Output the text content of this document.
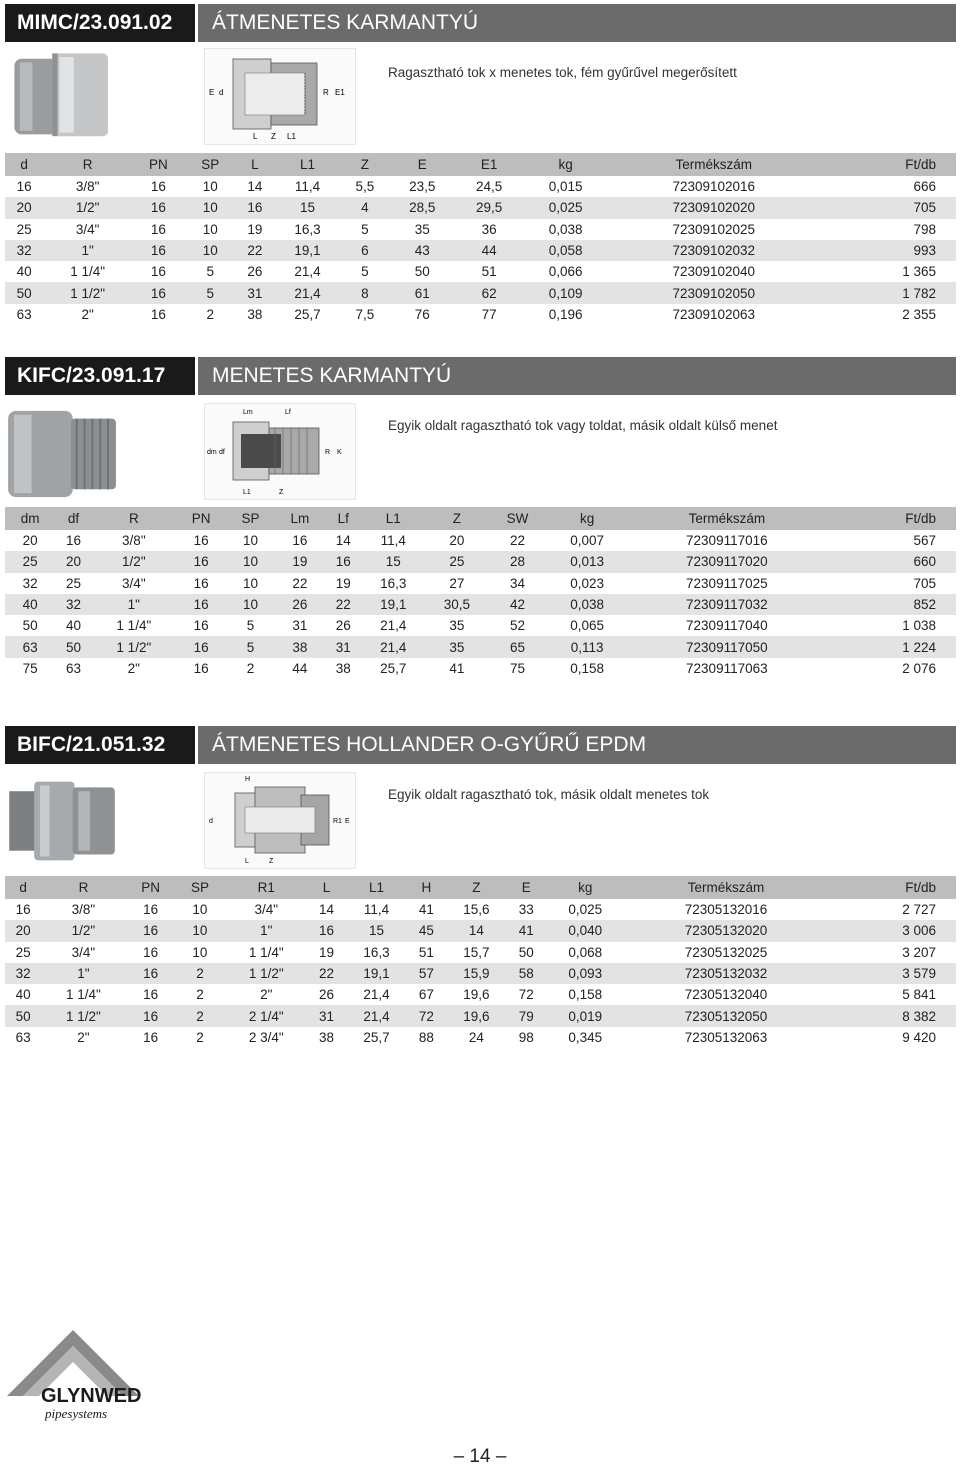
MIMC/23.091.02	ÁTMENETES KARMANTYÚ
E d	R E1
L Z L1
Ragasztható tok x menetes tok, fém gyűrűvel megerősített
d	R	PN	SP	L	L1	Z	E	E1	kg	Termékszám	Ft/db
16	3/8"	16	10	14	11,4	5,5	23,5	24,5	0,015	72309102016	666
20	1/2"	16	10	16	15	4	28,5	29,5	0,025	72309102020	705
25	3/4"	16	10	19	16,3	5	35	36	0,038	72309102025	798
32	1"	16	10	22	19,1	6	43	44	0,058	72309102032	993
40	1 1/4"	16	5	26	21,4	5	50	51	0,066	72309102040	1 365
50	1 1/2"	16	5	31	21,4	8	61	62	0,109	72309102050	1 782
63	2"	16	2	38	25,7	7,5	76	77	0,196	72309102063	2 355
KIFC/23.091.17	MENETES KARMANTYÚ
Lm	Lf
dm df	R K
L1	Z
Egyik oldalt ragasztható tok vagy toldat, másik oldalt külső menet
dm	df	R	PN	SP	Lm	Lf	L1	Z	SW	kg	Termékszám	Ft/db
20	16	3/8"	16	10	16	14	11,4	20	22	0,007	72309117016	567
25	20	1/2"	16	10	19	16	15	25	28	0,013	72309117020	660
32	25	3/4"	16	10	22	19	16,3	27	34	0,023	72309117025	705
40	32	1"	16	10	26	22	19,1	30,5	42	0,038	72309117032	852
50	40	1 1/4"	16	5	31	26	21,4	35	52	0,065	72309117040	1 038
63	50	1 1/2"	16	5	38	31	21,4	35	65	0,113	72309117050	1 224
75	63	2"	16	2	44	38	25,7	41	75	0,158	72309117063	2 076
BIFC/21.051.32	ÁTMENETES HOLLANDER O-GYŰRŰ EPDM
H
d	R1 E
L	Z
Egyik oldalt ragasztható tok, másik oldalt menetes tok
d	R	PN	SP	R1	L	L1	H	Z	E	kg	Termékszám	Ft/db
16	3/8"	16	10	3/4"	14	11,4	41	15,6	33	0,025	72305132016	2 727
20	1/2"	16	10	1"	16	15	45	14	41	0,040	72305132020	3 006
25	3/4"	16	10	1 1/4"	19	16,3	51	15,7	50	0,068	72305132025	3 207
32	1"	16	2	1 1/2"	22	19,1	57	15,9	58	0,093	72305132032	3 579
40	1 1/4"	16	2	2"	26	21,4	67	19,6	72	0,158	72305132040	5 841
50	1 1/2"	16	2	2 1/4"	31	21,4	72	19,6	79	0,019	72305132050	8 382
63	2"	16	2	2 3/4"	38	25,7	88	24	98	0,345	72305132063	9 420
GLYNWED
pipesystems
– 14 –
